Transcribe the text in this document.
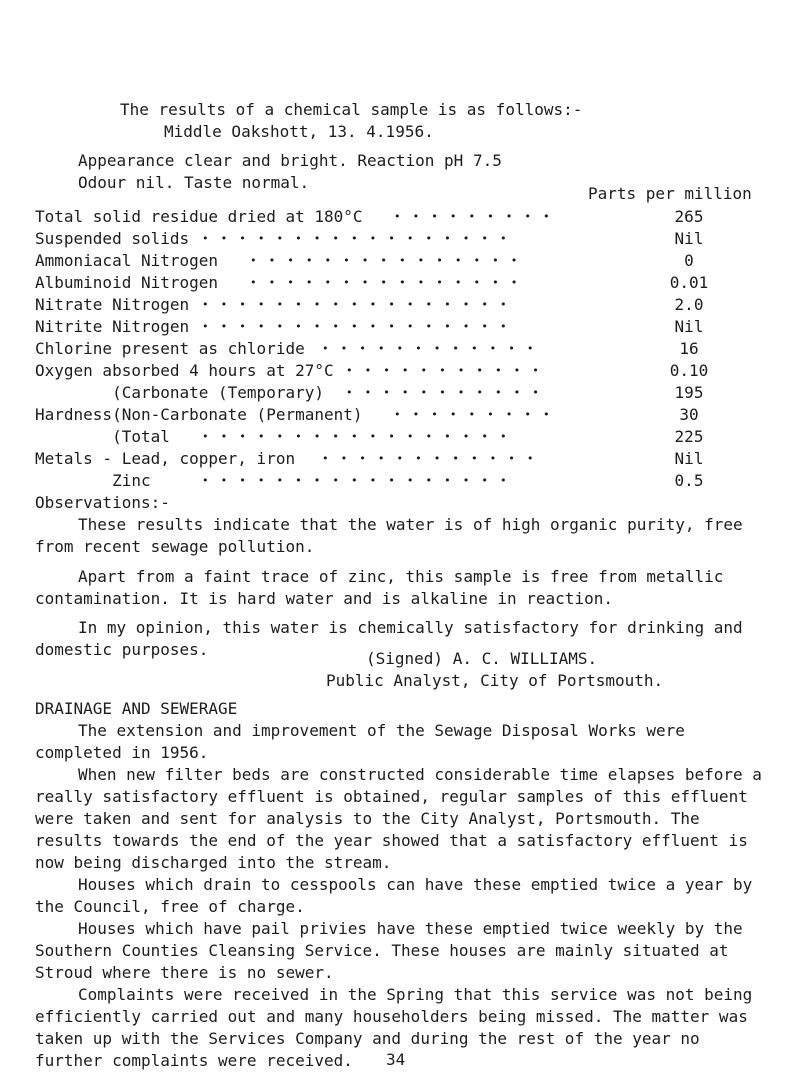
The results of a chemical sample is as follows:-
Middle Oakshott, 13. 4.1956.
Appearance clear and bright. Reaction pH 7.5
Odour nil. Taste normal.
Parts per million
Total solid residue dried at 180°C	•••••••••	265
Suspended solids •••••••••••••••••	Nil
Ammoniacal Nitrogen	•••••••••••••••	0
Albuminoid Nitrogen	•••••••••••••••	0.01
Nitrate Nitrogen •••••••••••••••••	2.0
Nitrite Nitrogen •••••••••••••••••	Nil
Chlorine present as chloride ••••••••••••	16
Oxygen absorbed 4 hours at 27°C •••••••••••	0.10
(Carbonate (Temporary) •••••••••••	195
Hardness(Non-Carbonate (Permanent)	•••••••••	30
(Total	•••••••••••••••••	225
Metals - Lead, copper, iron ••••••••••••	Nil
Zinc	•••••••••••••••••	0.5
Observations:-
These results indicate that the water is of high organic purity, free from recent sewage pollution.
Apart from a faint trace of zinc, this sample is free from metallic contamination. It is hard water and is alkaline in reaction.
In my opinion, this water is chemically satisfactory for drinking and domestic purposes.	(Signed) A. C. WILLIAMS.
Public Analyst, City of Portsmouth.
DRAINAGE AND SEWERAGE
The extension and improvement of the Sewage Disposal Works were completed in 1956.
When new filter beds are constructed considerable time elapses before a really satisfactory effluent is obtained, regular samples of this effluent were taken and sent for analysis to the City Analyst, Portsmouth. The results towards the end of the year showed that a satisfactory effluent is now being discharged into the stream.
Houses which drain to cesspools can have these emptied twice a year by the Council, free of charge.
Houses which have pail privies have these emptied twice weekly by the Southern Counties Cleansing Service. These houses are mainly situated at Stroud where there is no sewer.
Complaints were received in the Spring that this service was not being efficiently carried out and many householders being missed. The matter was taken up with the Services Company and during the rest of the year no further complaints were received.	34
